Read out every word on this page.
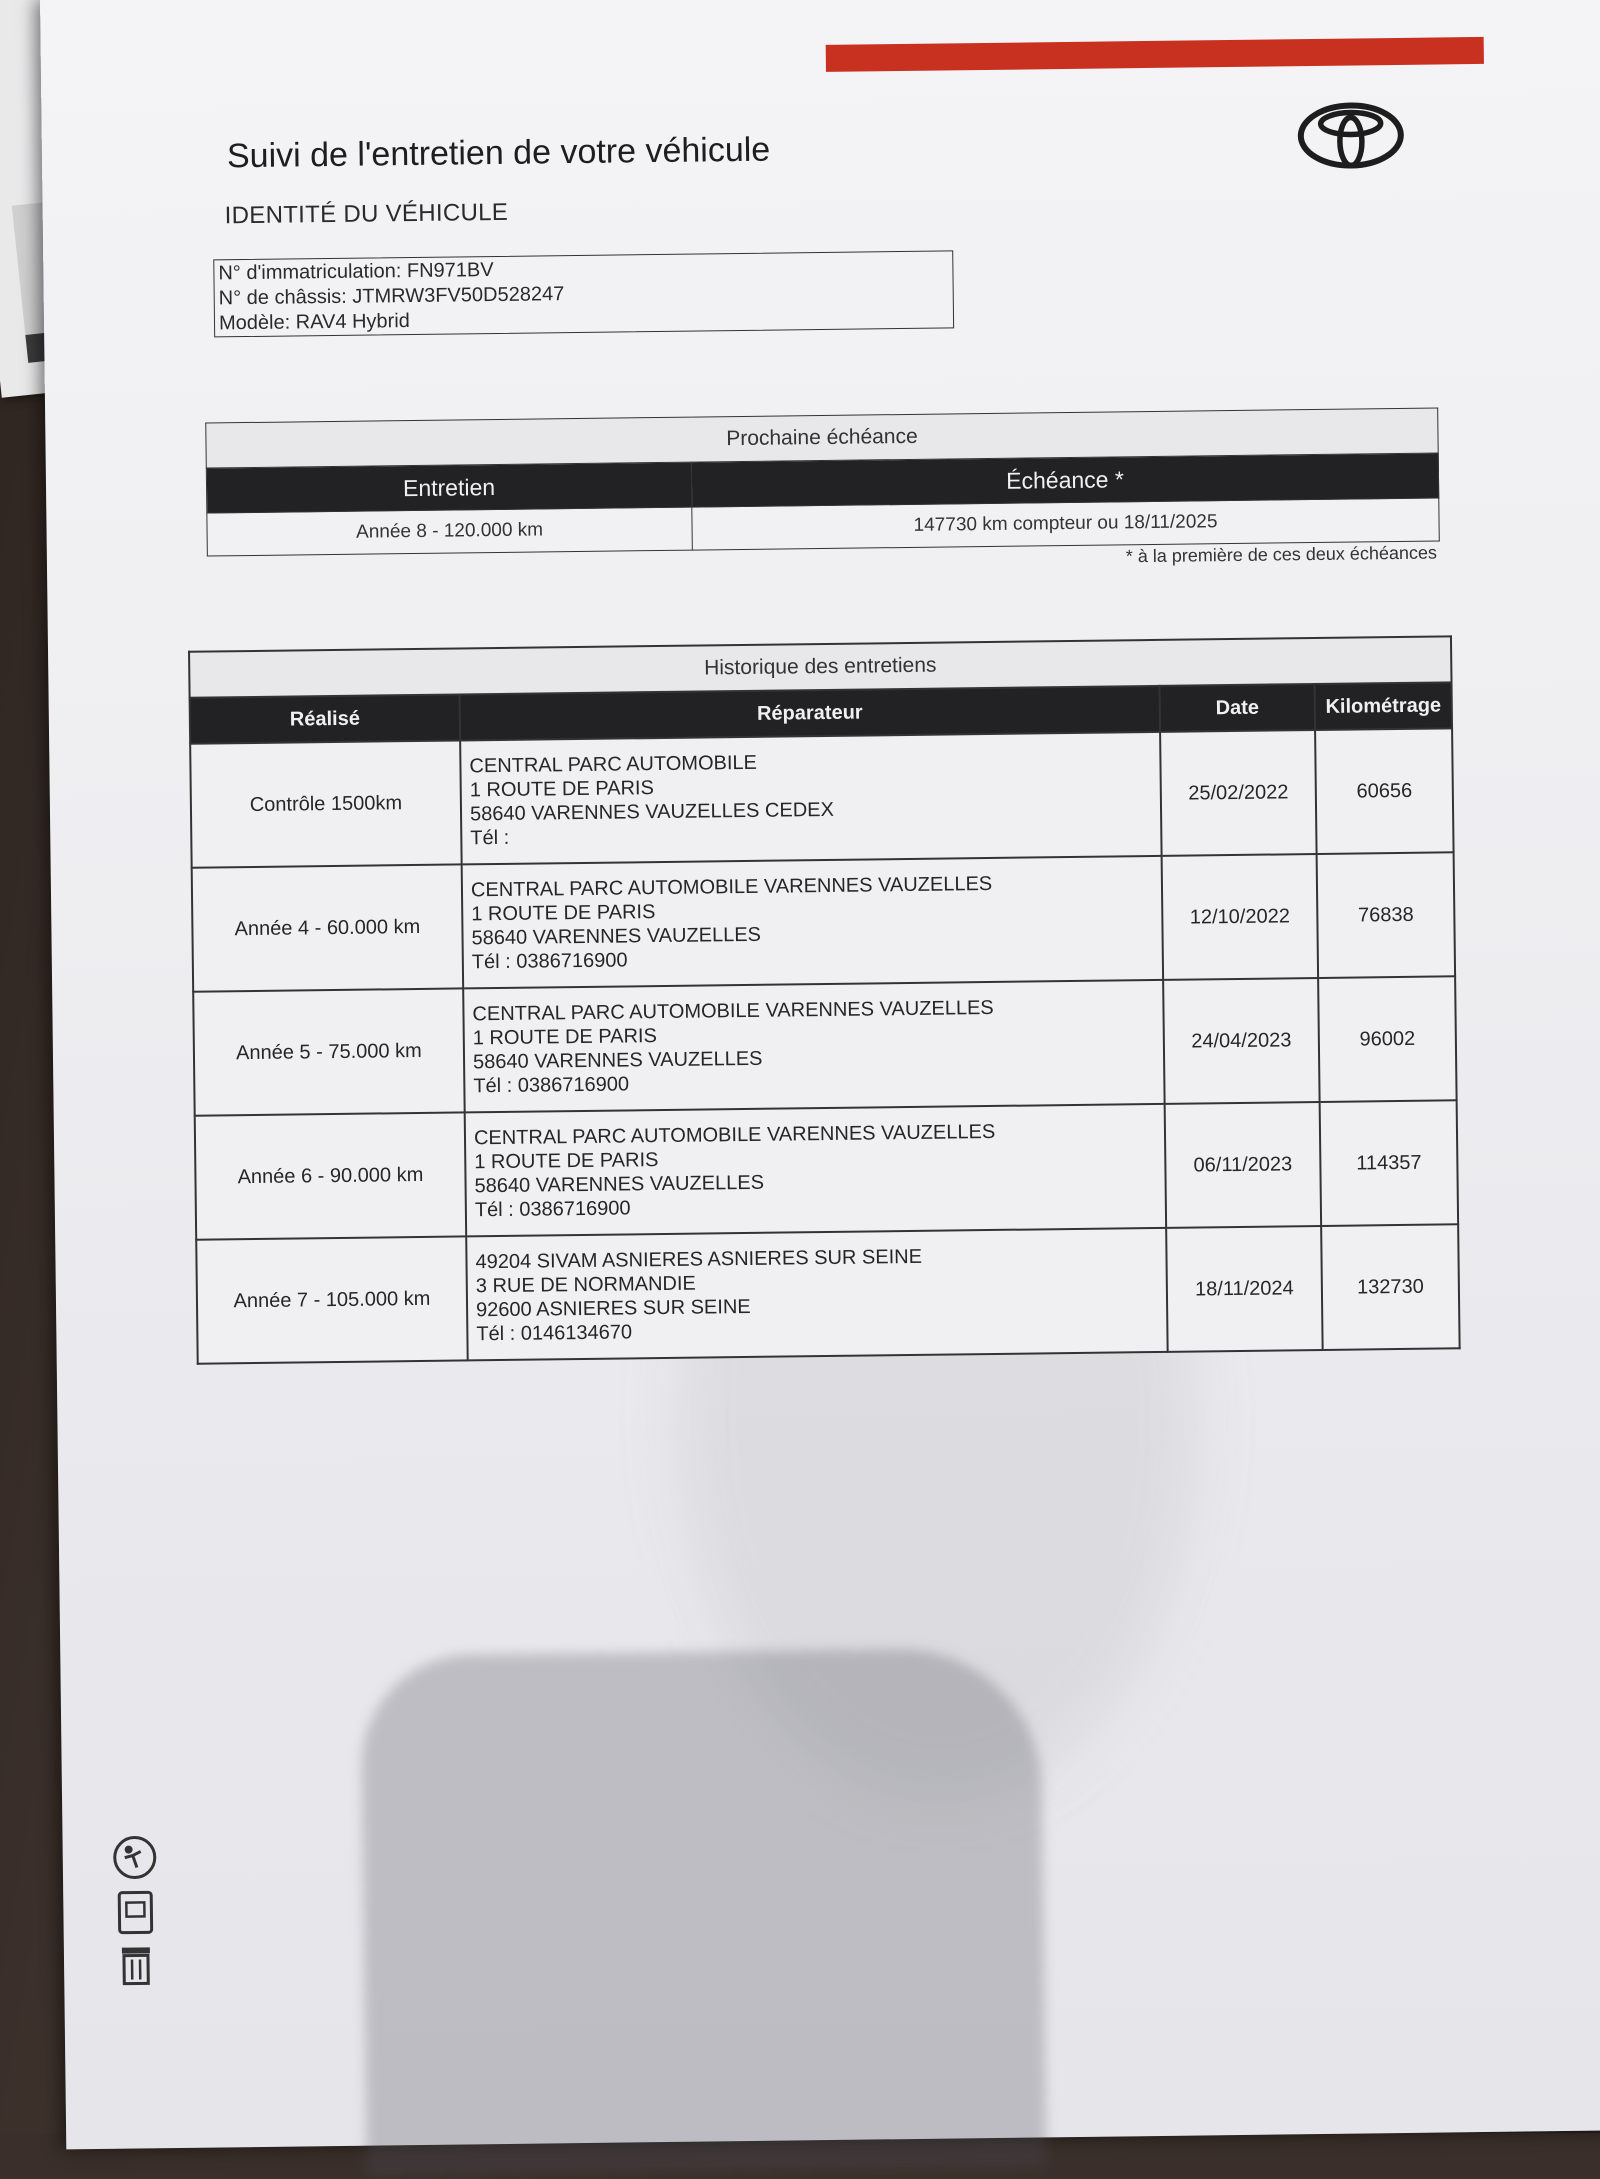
Suivi de l'entretien de votre véhicule
IDENTITÉ DU VÉHICULE
N° d'immatriculation: FN971BV
N° de châssis: JTMRW3FV50D528247
Modèle: RAV4 Hybrid
Prochaine échéance	
Entretien	Échéance *
Année 8 - 120.000 km	147730 km compteur ou 18/11/2025
* à la première de ces deux échéances
Historique des entretiens			
Réalisé	Réparateur	Date	Kilométrage
Contrôle 1500km	CENTRAL PARC AUTOMOBILE
1 ROUTE DE PARIS
58640 VARENNES VAUZELLES CEDEX
Tél :	25/02/2022	60656
Année 4 - 60.000 km	CENTRAL PARC AUTOMOBILE VARENNES VAUZELLES
1 ROUTE DE PARIS
58640 VARENNES VAUZELLES
Tél : 0386716900	12/10/2022	76838
Année 5 - 75.000 km	CENTRAL PARC AUTOMOBILE VARENNES VAUZELLES
1 ROUTE DE PARIS
58640 VARENNES VAUZELLES
Tél : 0386716900	24/04/2023	96002
Année 6 - 90.000 km	CENTRAL PARC AUTOMOBILE VARENNES VAUZELLES
1 ROUTE DE PARIS
58640 VARENNES VAUZELLES
Tél : 0386716900	06/11/2023	114357
Année 7 - 105.000 km	49204 SIVAM ASNIERES ASNIERES SUR SEINE
3 RUE DE NORMANDIE
92600 ASNIERES SUR SEINE
Tél : 0146134670	18/11/2024	132730
